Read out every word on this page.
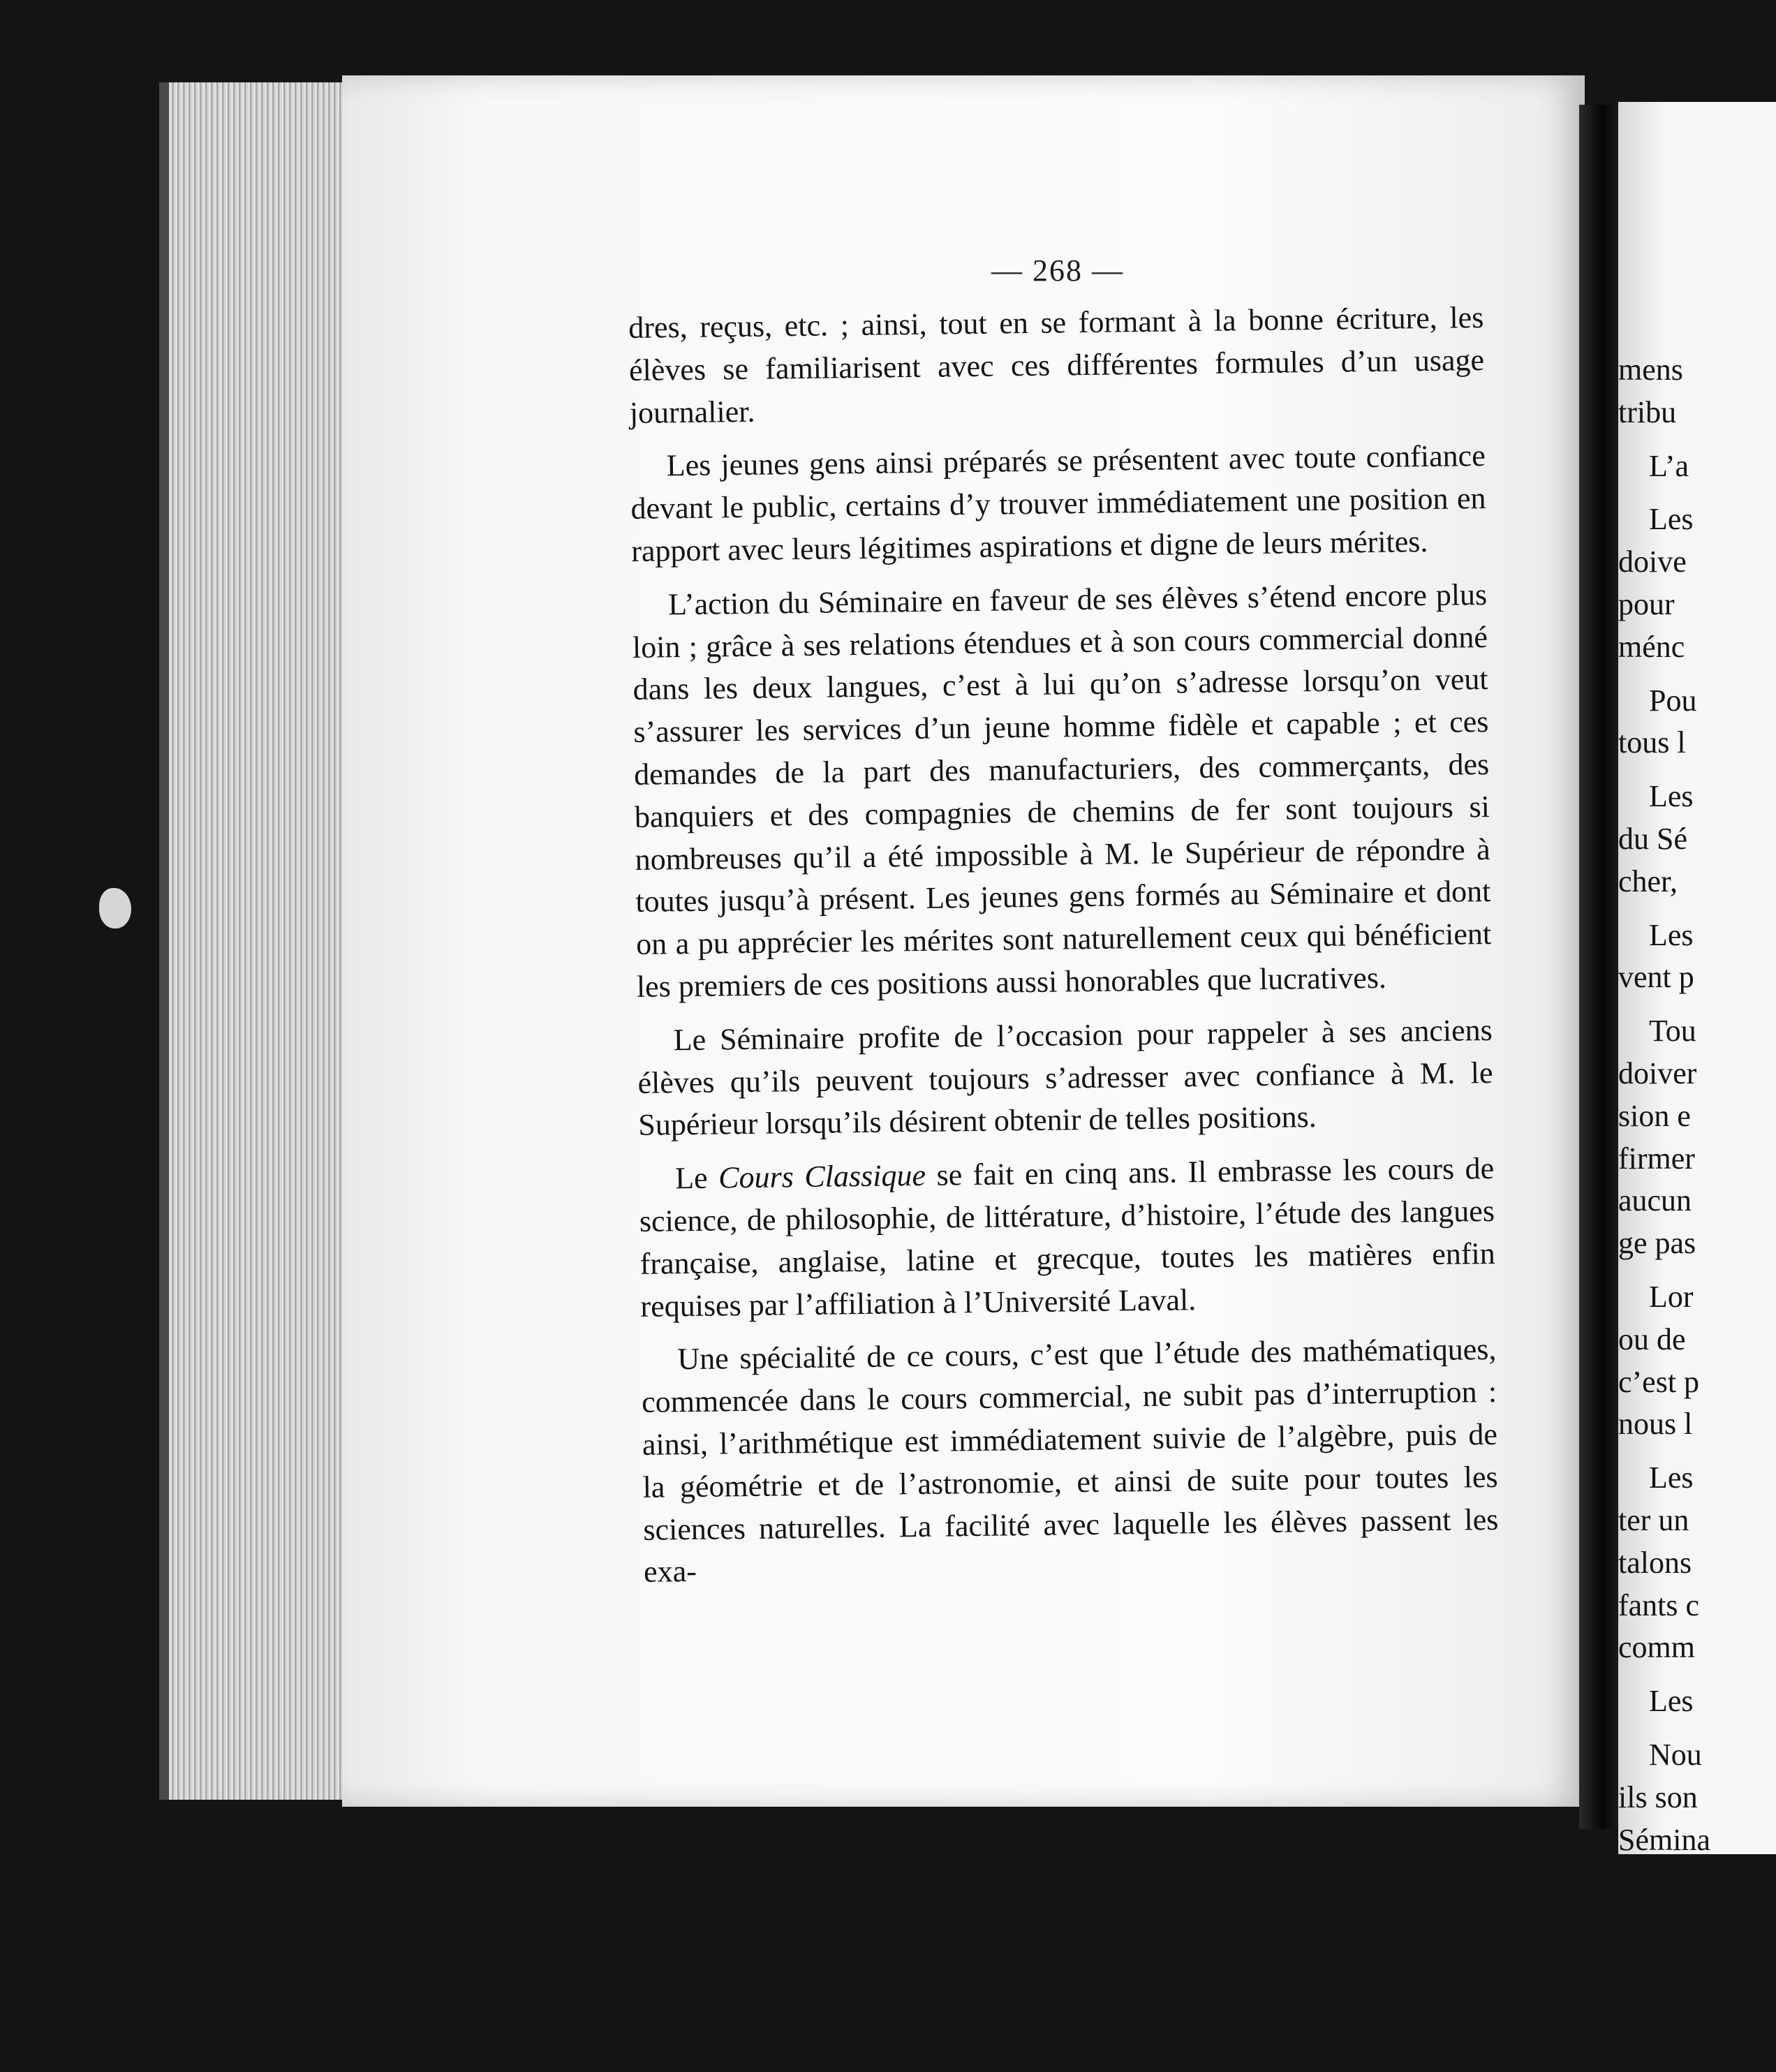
— 268 —

dres, reçus, etc. ; ainsi, tout en se formant à la bonne écriture, les élèves se familiarisent avec ces différentes formules d’un usage journalier.

Les jeunes gens ainsi préparés se présentent avec toute confiance devant le public, certains d’y trouver immédiatement une position en rapport avec leurs légitimes aspirations et digne de leurs mérites.

L’action du Séminaire en faveur de ses élèves s’étend encore plus loin ; grâce à ses relations étendues et à son cours commercial donné dans les deux langues, c’est à lui qu’on s’adresse lorsqu’on veut s’assurer les services d’un jeune homme fidèle et capable ; et ces demandes de la part des manufacturiers, des commerçants, des banquiers et des compagnies de chemins de fer sont toujours si nombreuses qu’il a été impossible à M. le Supérieur de répondre à toutes jusqu’à présent. Les jeunes gens formés au Séminaire et dont on a pu apprécier les mérites sont naturellement ceux qui bénéficient les premiers de ces positions aussi honorables que lucratives.

Le Séminaire profite de l’occasion pour rappeler à ses anciens élèves qu’ils peuvent toujours s’adresser avec confiance à M. le Supérieur lorsqu’ils désirent obtenir de telles positions.

Le Cours Classique se fait en cinq ans. Il embrasse les cours de science, de philosophie, de littérature, d’histoire, l’étude des langues française, anglaise, latine et grecque, toutes les matières enfin requises par l’affiliation à l’Université Laval.

Une spécialité de ce cours, c’est que l’étude des mathématiques, commencée dans le cours commercial, ne subit pas d’interruption : ainsi, l’arithmétique est immédiatement suivie de l’algèbre, puis de la géométrie et de l’astronomie, et ainsi de suite pour toutes les sciences naturelles. La facilité avec laquelle les élèves passent les exa-

mens
tribu
L’a
Les
doive
pour
ménc
Pou
tous l
Les
du Sé
cher,
Les
vent p
Tou
doiver
sion e
firmer
aucun
ge pas
Lor
ou de
c’est p
nous l
Les
ter un
talons
fants c
comm
Les
Nou
ils son
Sémina
